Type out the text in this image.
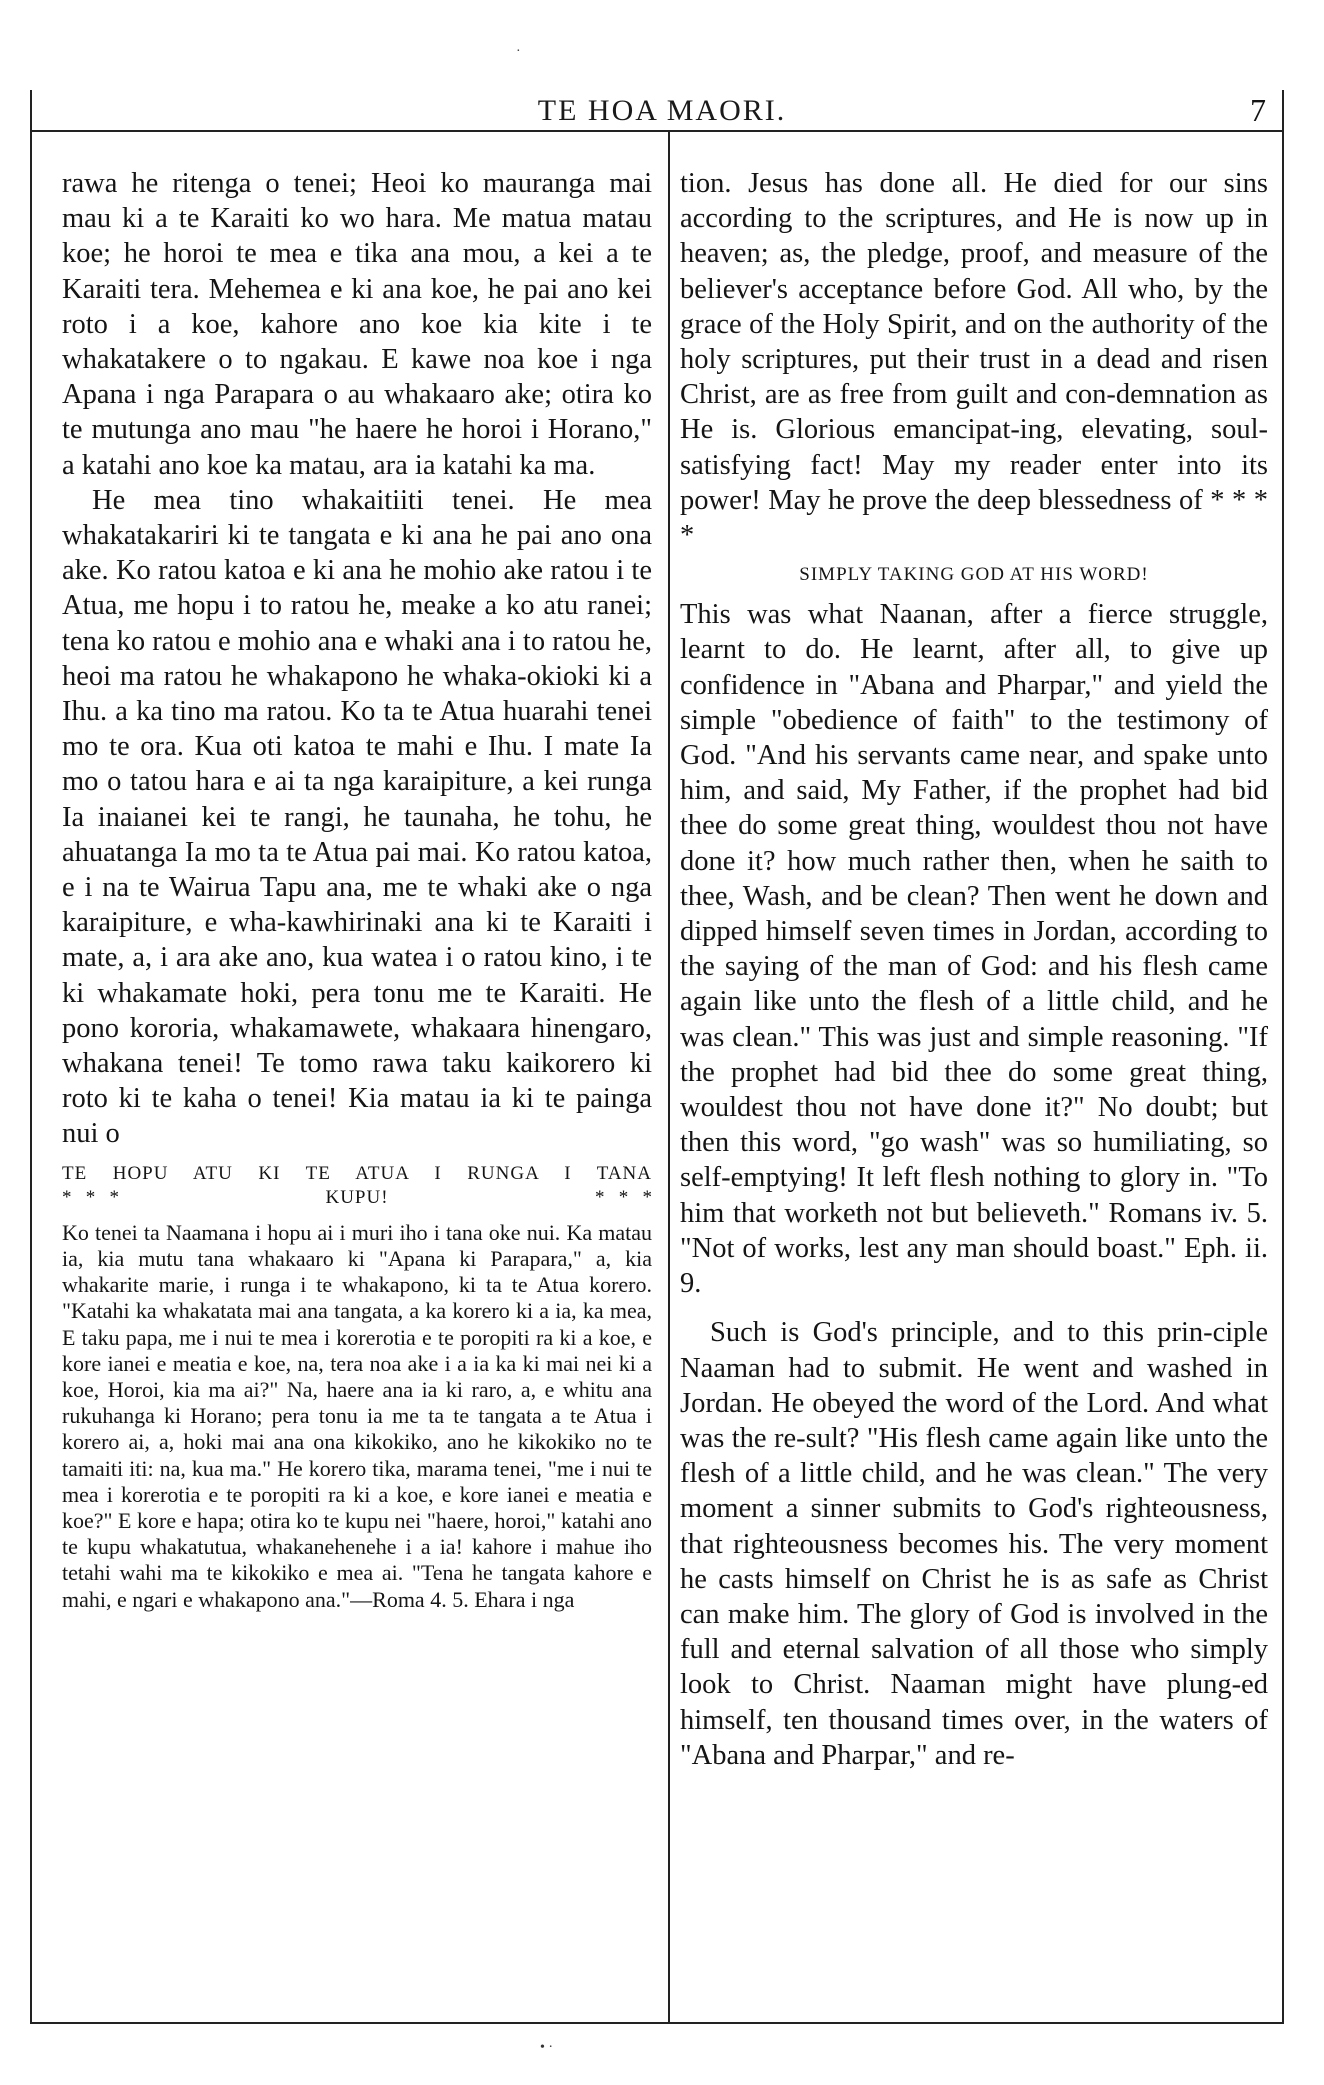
·
TE HOA MAORI.	7

rawa he ritenga o tenei; Heoi ko mauranga mai mau ki a te Karaiti ko wo hara. Me matua matau koe; he horoi te mea e tika ana mou, a kei a te Karaiti tera. Mehemea e ki ana koe, he pai ano kei roto i a koe, kahore ano koe kia kite i te whakatakere o to ngakau. E kawe noa koe i nga Apana i nga Parapara o au whakaaro ake; otira ko te mutunga ano mau "he haere he horoi i Horano," a katahi ano koe ka matau, ara ia katahi ka ma.

He mea tino whakaitiiti tenei. He mea whakatakariri ki te tangata e ki ana he pai ano ona ake. Ko ratou katoa e ki ana he mohio ake ratou i te Atua, me hopu i to ratou he, meake a ko atu ranei; tena ko ratou e mohio ana e whaki ana i to ratou he, heoi ma ratou he whakapono he whaka-okioki ki a Ihu. a ka tino ma ratou. Ko ta te Atua huarahi tenei mo te ora. Kua oti katoa te mahi e Ihu. I mate Ia mo o tatou hara e ai ta nga karaipiture, a kei runga Ia inaianei kei te rangi, he taunaha, he tohu, he ahuatanga Ia mo ta te Atua pai mai. Ko ratou katoa, e i na te Wairua Tapu ana, me te whaki ake o nga karaipiture, e wha-kawhirinaki ana ki te Karaiti i mate, a, i ara ake ano, kua watea i o ratou kino, i te ki whakamate hoki, pera tonu me te Karaiti. He pono kororia, whakamawete, whakaara hinengaro, whakana tenei! Te tomo rawa taku kaikorero ki roto ki te kaha o tenei! Kia matau ia ki te painga nui o

TE HOPU ATU KI TE ATUA I RUNGA I TANA
*   *   *	KUPU!	*   *   *

Ko tenei ta Naamana i hopu ai i muri iho i tana oke nui. Ka matau ia, kia mutu tana whakaaro ki "Apana ki Parapara," a, kia whakarite marie, i runga i te whakapono, ki ta te Atua korero. "Katahi ka whakatata mai ana tangata, a ka korero ki a ia, ka mea, E taku papa, me i nui te mea i korerotia e te poropiti ra ki a koe, e kore ianei e meatia e koe, na, tera noa ake i a ia ka ki mai nei ki a koe, Horoi, kia ma ai?" Na, haere ana ia ki raro, a, e whitu ana rukuhanga ki Horano; pera tonu ia me ta te tangata a te Atua i korero ai, a, hoki mai ana ona kikokiko, ano he kikokiko no te tamaiti iti: na, kua ma." He korero tika, marama tenei, "me i nui te mea i korerotia e te poropiti ra ki a koe, e kore ianei e meatia e koe?" E kore e hapa; otira ko te kupu nei "haere, horoi," katahi ano te kupu whakatutua, whakanehenehe i a ia! kahore i mahue iho tetahi wahi ma te kikokiko e mea ai. "Tena he tangata kahore e mahi, e ngari e whakapono ana."—Roma 4. 5. Ehara i nga

tion. Jesus has done all. He died for our sins according to the scriptures, and He is now up in heaven; as, the pledge, proof, and measure of the believer's acceptance before God. All who, by the grace of the Holy Spirit, and on the authority of the holy scriptures, put their trust in a dead and risen Christ, are as free from guilt and con-demnation as He is. Glorious emancipat-ing, elevating, soul-satisfying fact! May my reader enter into its power! May he prove the deep blessedness of * * * *

SIMPLY TAKING GOD AT HIS WORD!

This was what Naanan, after a fierce struggle, learnt to do. He learnt, after all, to give up confidence in "Abana and Pharpar," and yield the simple "obedience of faith" to the testimony of God. "And his servants came near, and spake unto him, and said, My Father, if the prophet had bid thee do some great thing, wouldest thou not have done it? how much rather then, when he saith to thee, Wash, and be clean? Then went he down and dipped himself seven times in Jordan, according to the saying of the man of God: and his flesh came again like unto the flesh of a little child, and he was clean." This was just and simple reasoning. "If the prophet had bid thee do some great thing, wouldest thou not have done it?" No doubt; but then this word, "go wash" was so humiliating, so self-emptying! It left flesh nothing to glory in. "To him that worketh not but believeth." Romans iv. 5. "Not of works, lest any man should boast." Eph. ii. 9.

Such is God's principle, and to this prin-ciple Naaman had to submit. He went and washed in Jordan. He obeyed the word of the Lord. And what was the re-sult? "His flesh came again like unto the flesh of a little child, and he was clean." The very moment a sinner submits to God's righteousness, that righteousness becomes his. The very moment he casts himself on Christ he is as safe as Christ can make him. The glory of God is involved in the full and eternal salvation of all those who simply look to Christ. Naaman might have plung-ed himself, ten thousand times over, in the waters of "Abana and Pharpar," and re-

• ·
